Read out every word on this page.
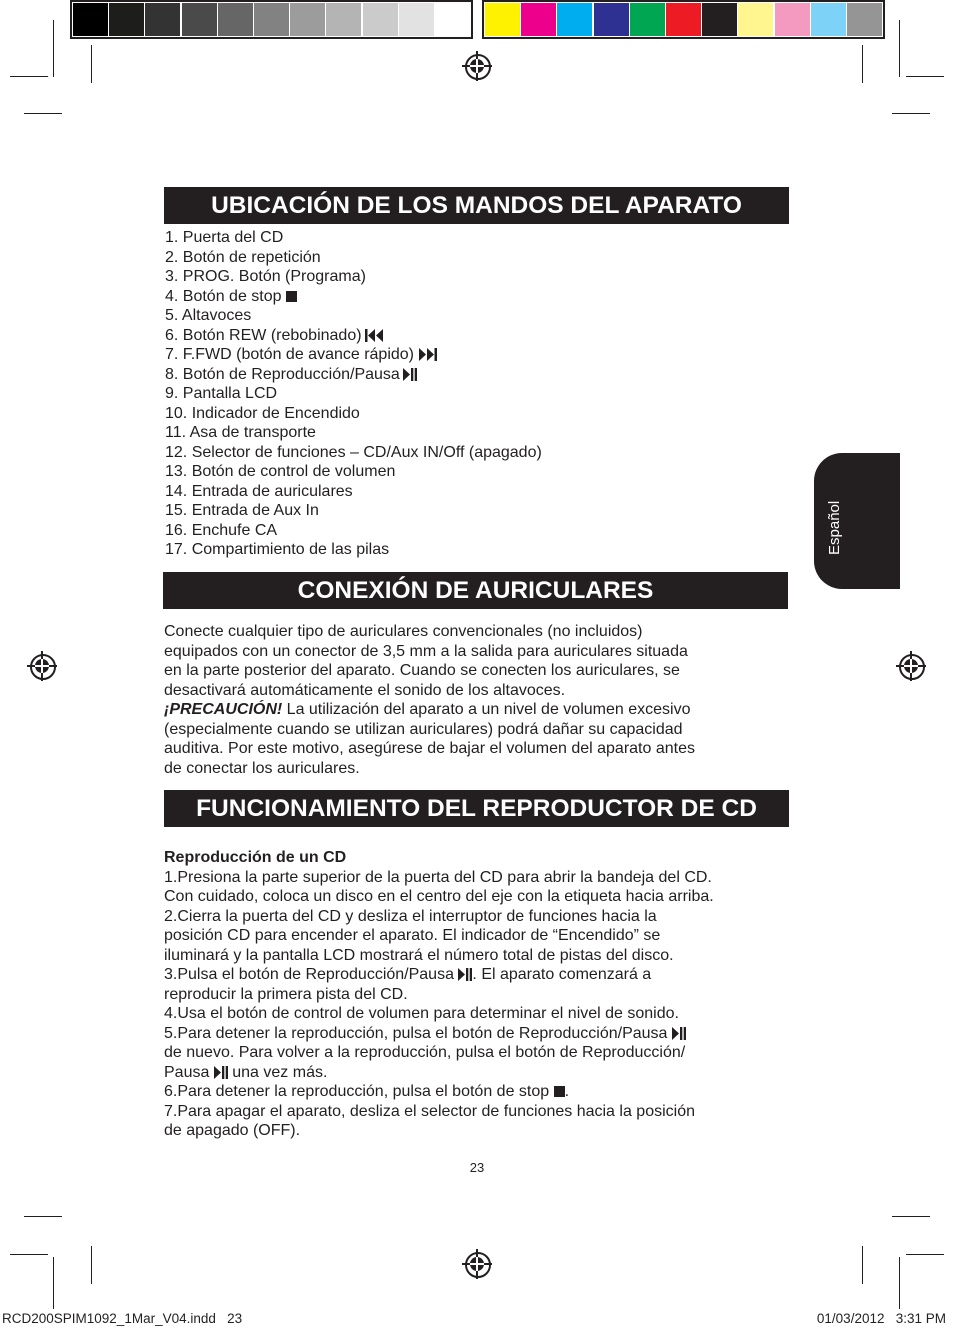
Español
UBICACIÓN DE LOS MANDOS DEL APARATO
1. Puerta del CD
2. Botón de repetición
3. PROG. Botón (Programa)
4. Botón de stop
5. Altavoces
6. Botón REW (rebobinado)
7. F.FWD (botón de avance rápido)
8. Botón de Reproducción/Pausa
9. Pantalla LCD
10. Indicador de Encendido
11. Asa de transporte
12. Selector de funciones – CD/Aux IN/Off (apagado)
13. Botón de control de volumen
14. Entrada de auriculares
15. Entrada de Aux In
16. Enchufe CA
17. Compartimiento de las pilas
CONEXIÓN DE AURICULARES
Conecte cualquier tipo de auriculares convencionales (no incluidos)
equipados con un conector de 3,5 mm a la salida para auriculares situada
en la parte posterior del aparato. Cuando se conecten los auriculares, se
desactivará automáticamente el sonido de los altavoces.
¡PRECAUCIÓN! La utilización del aparato a un nivel de volumen excesivo
(especialmente cuando se utilizan auriculares) podrá dañar su capacidad
auditiva. Por este motivo, asegúrese de bajar el volumen del aparato antes
de conectar los auriculares.
FUNCIONAMIENTO DEL REPRODUCTOR DE CD
Reproducción de un CD
1.Presiona la parte superior de la puerta del CD para abrir la bandeja del CD.
Con cuidado, coloca un disco en el centro del eje con la etiqueta hacia arriba.
2.Cierra la puerta del CD y desliza el interruptor de funciones hacia la
posición CD para encender el aparato. El indicador de “Encendido” se
iluminará y la pantalla LCD mostrará el número total de pistas del disco.
3.Pulsa el botón de Reproducción/Pausa . El aparato comenzará a
reproducir la primera pista del CD.
4.Usa el botón de control de volumen para determinar el nivel de sonido.
5.Para detener la reproducción, pulsa el botón de Reproducción/Pausa
de nuevo. Para volver a la reproducción, pulsa el botón de Reproducción/
Pausa  una vez más.
6.Para detener la reproducción, pulsa el botón de stop .
7.Para apagar el aparato, desliza el selector de funciones hacia la posición
de apagado (OFF).
23
RCD200SPIM1092_1Mar_V04.indd   23	01/03/2012   3:31 PM
